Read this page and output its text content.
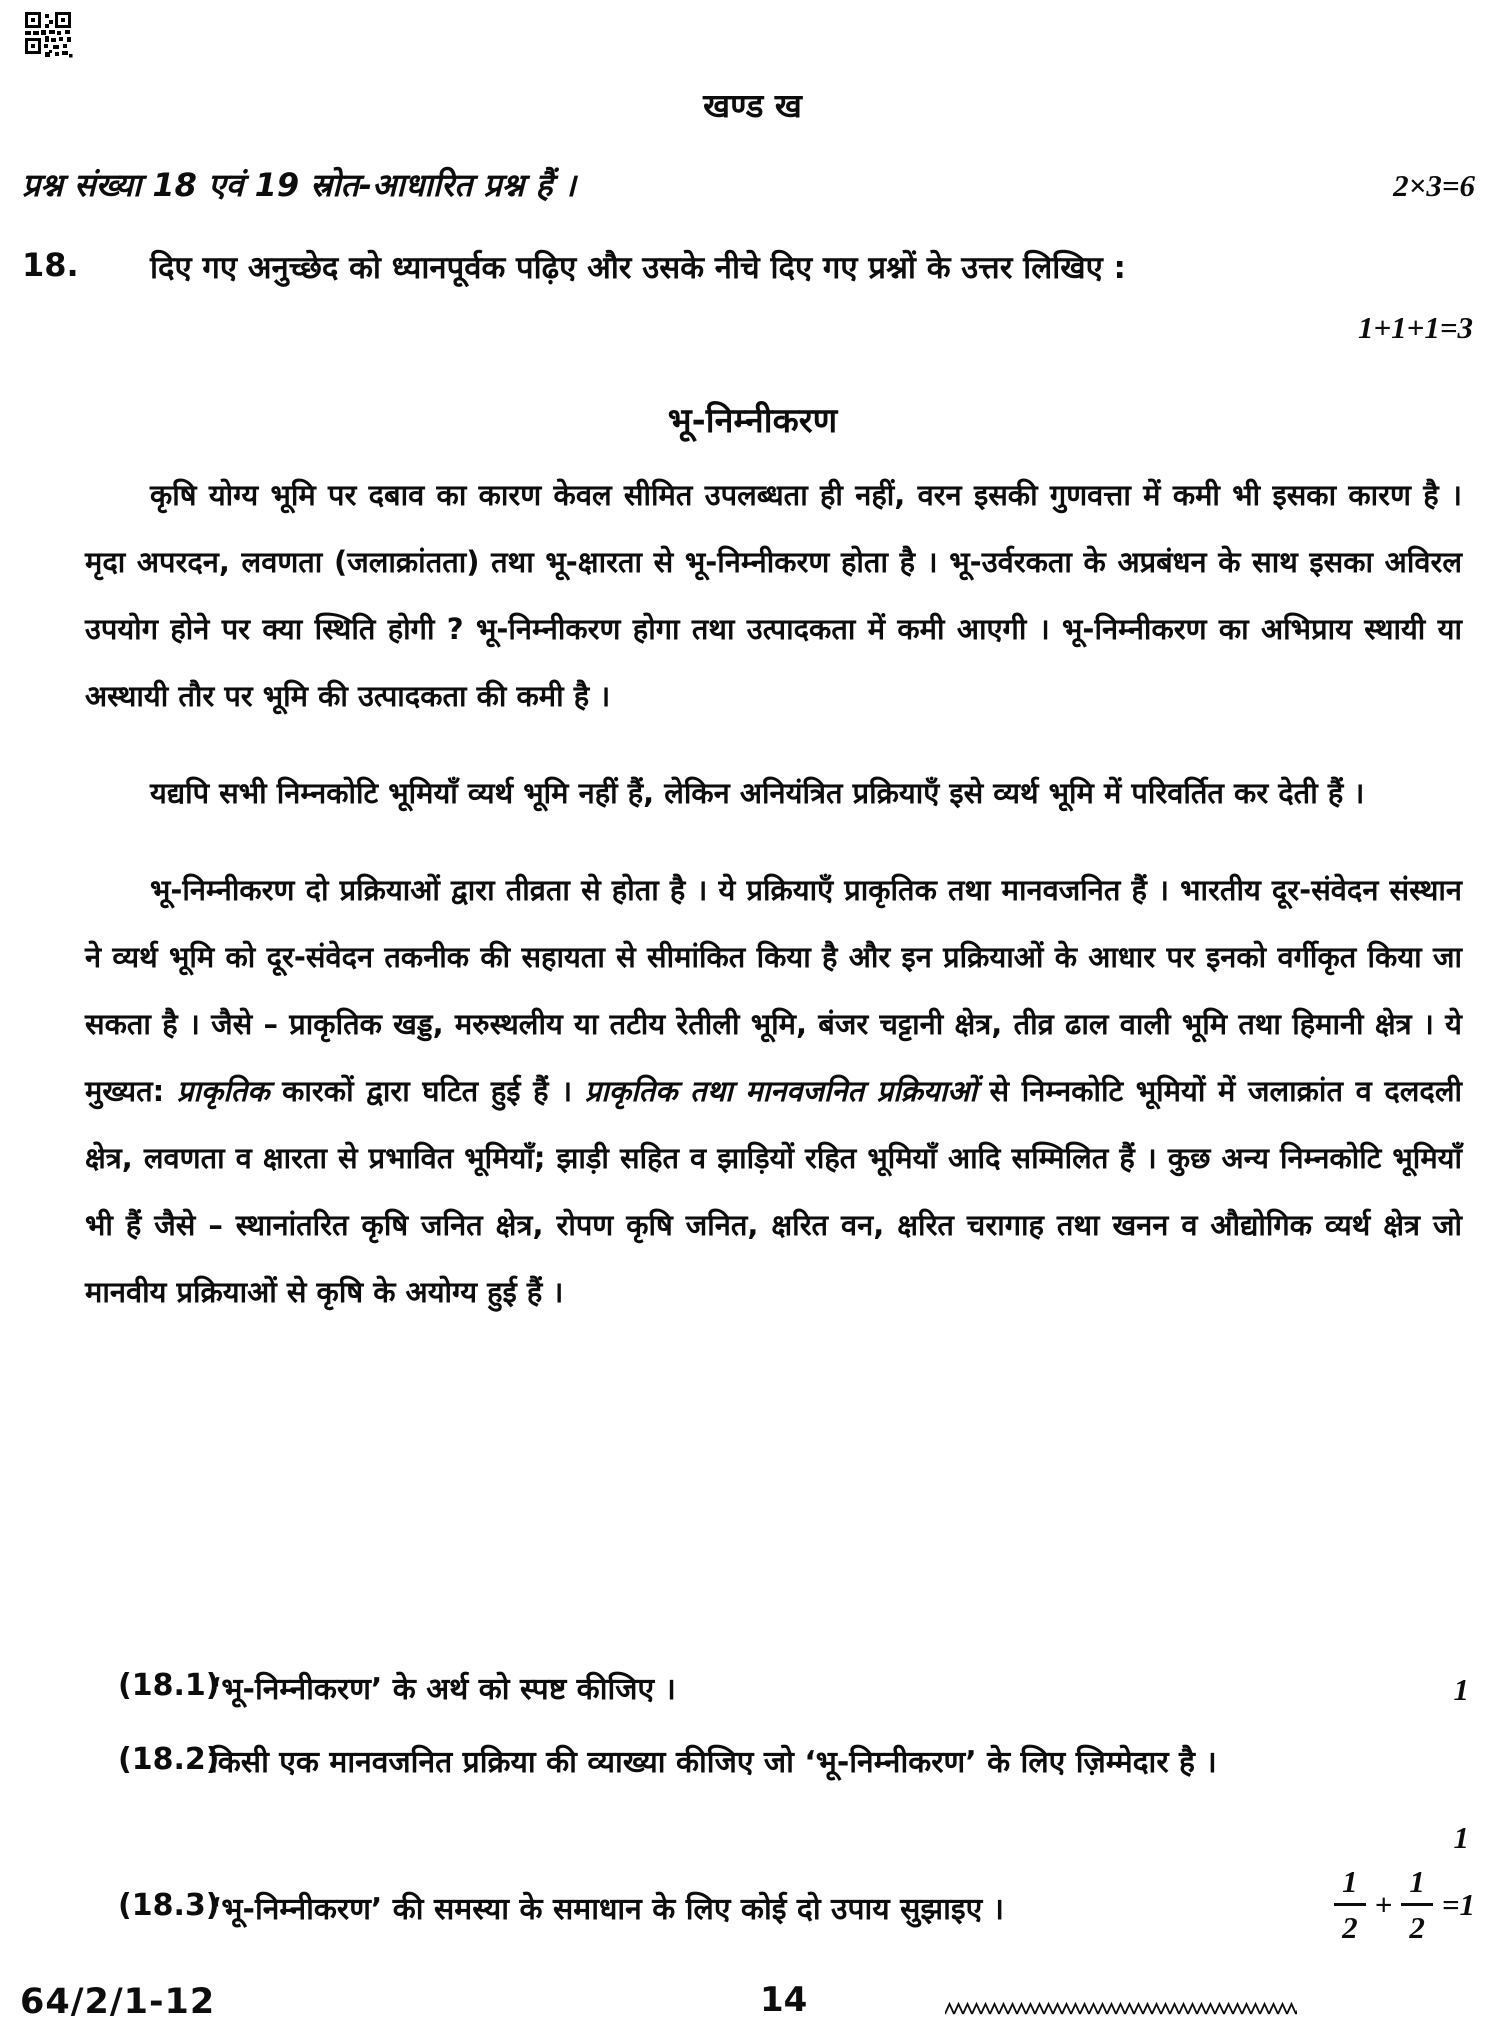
खण्ड ख
प्रश्न संख्या 18 एवं 19 स्रोत-आधारित प्रश्न हैं ।	2×3=6
18. दिए गए अनुच्छेद को ध्यानपूर्वक पढ़िए और उसके नीचे दिए गए प्रश्नों के उत्तर लिखिए :
1+1+1=3
भू-निम्नीकरण

कृषि योग्य भूमि पर दबाव का कारण केवल सीमित उपलब्धता ही नहीं, वरन इसकी गुणवत्ता में कमी भी इसका कारण है । मृदा अपरदन, लवणता (जलाक्रांतता) तथा भू-क्षारता से भू-निम्नीकरण होता है । भू-उर्वरकता के अप्रबंधन के साथ इसका अविरल उपयोग होने पर क्या स्थिति होगी ? भू-निम्नीकरण होगा तथा उत्पादकता में कमी आएगी । भू-निम्नीकरण का अभिप्राय स्थायी या अस्थायी तौर पर भूमि की उत्पादकता की कमी है ।

यद्यपि सभी निम्नकोटि भूमियाँ व्यर्थ भूमि नहीं हैं, लेकिन अनियंत्रित प्रक्रियाएँ इसे व्यर्थ भूमि में परिवर्तित कर देती हैं ।

भू-निम्नीकरण दो प्रक्रियाओं द्वारा तीव्रता से होता है । ये प्रक्रियाएँ प्राकृतिक तथा मानवजनित हैं । भारतीय दूर-संवेदन संस्थान ने व्यर्थ भूमि को दूर-संवेदन तकनीक की सहायता से सीमांकित किया है और इन प्रक्रियाओं के आधार पर इनको वर्गीकृत किया जा सकता है । जैसे – प्राकृतिक खड्ड, मरुस्थलीय या तटीय रेतीली भूमि, बंजर चट्टानी क्षेत्र, तीव्र ढाल वाली भूमि तथा हिमानी क्षेत्र । ये मुख्यत: प्राकृतिक कारकों द्वारा घटित हुई हैं । प्राकृतिक तथा मानवजनित प्रक्रियाओं से निम्नकोटि भूमियों में जलाक्रांत व दलदली क्षेत्र, लवणता व क्षारता से प्रभावित भूमियाँ; झाड़ी सहित व झाड़ियों रहित भूमियाँ आदि सम्मिलित हैं । कुछ अन्य निम्नकोटि भूमियाँ भी हैं जैसे – स्थानांतरित कृषि जनित क्षेत्र, रोपण कृषि जनित, क्षरित वन, क्षरित चरागाह तथा खनन व औद्योगिक व्यर्थ क्षेत्र जो मानवीय प्रक्रियाओं से कृषि के अयोग्य हुई हैं ।

(18.1)
‘भू-निम्नीकरण’ के अर्थ को स्पष्ट कीजिए ।	1
(18.2)
किसी एक मानवजनित प्रक्रिया की व्याख्या कीजिए जो ‘भू-निम्नीकरण’ के लिए ज़िम्मेदार है ।
1
(18.3)
‘भू-निम्नीकरण’ की समस्या के समाधान के लिए कोई दो उपाय सुझाइए ।	$\frac{1}{2} + \frac{1}{2} =1$
64/2/1-12	14
